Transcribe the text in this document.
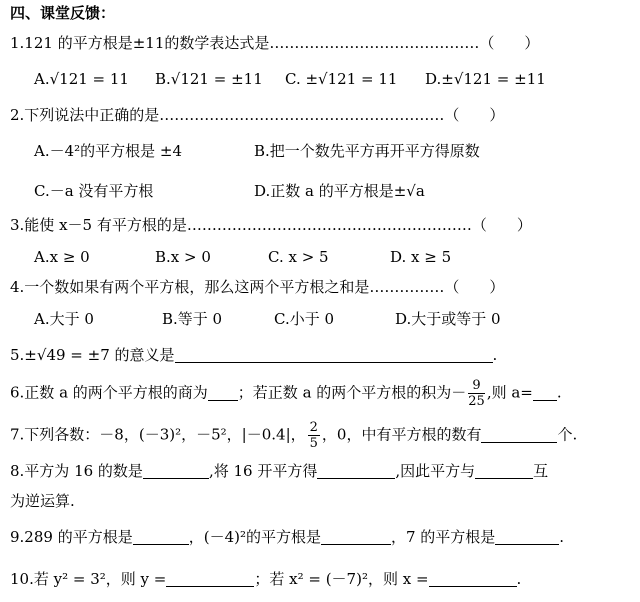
四、课堂反馈：
1.121 的平方根是±11的数学表达式是……………………………………（　　）
A.√121 = 11 B.√121 = ±11 C. ±√121 = 11 D.±√121 = ±11
2.下列说法中正确的是…………………………………………………（　　）
A.－4²的平方根是 ±4	B.把一个数先平方再开平方得原数
C.－a 没有平方根	D.正数 a 的平方根是±√a
3.能使 x－5 有平方根的是…………………………………………………（　　）
A.x ≥ 0	B.x > 0	C. x > 5	D. x ≥ 5
4.一个数如果有两个平方根，那么这两个平方根之和是……………（　　）
A.大于 0	B.等于 0	C.小于 0	D.大于或等于 0
5.±√49 = ±7 的意义是	.
6.正数 a 的两个平方根的商为 ；若正数 a 的两个平方根的积为－ $\frac{9}{25}$ ,则 a= .
7.下列各数：－8，(－3)²，－5²，|－0.4|， $\frac{2}{5}$ ，0，中有平方根的数有	个.
8.平方为 16 的数是	,将 16 开平方得	,因此平方与	互
为逆运算.
9.289 的平方根是	，(－4)²的平方根是	，7 的平方根是	.
10.若 y² = 3²，则 y =	；若 x² = (－7)²，则 x =	.
